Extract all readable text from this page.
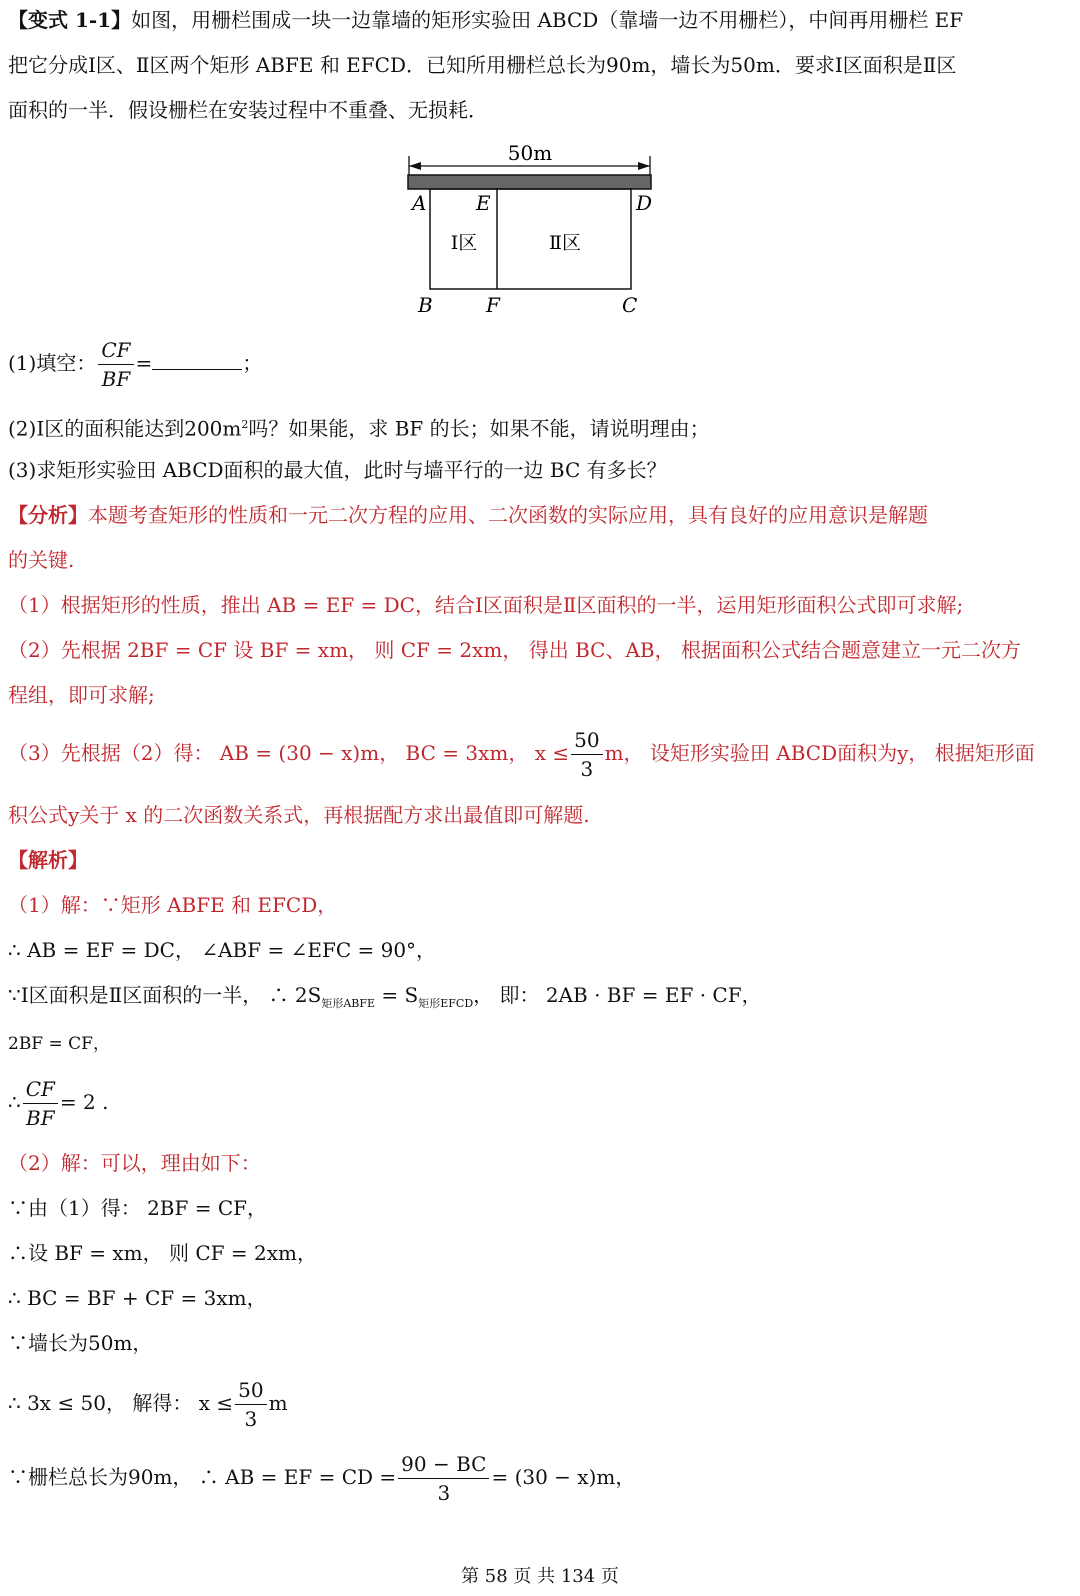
【变式 1-1】如图，用栅栏围成一块一边靠墙的矩形实验田 ABCD（靠墙一边不用栅栏），中间再用栅栏 EF
把它分成Ⅰ区、Ⅱ区两个矩形 ABFE 和 EFCD．已知所用栅栏总长为90m，墙长为50m．要求Ⅰ区面积是Ⅱ区
面积的一半．假设栅栏在安装过程中不重叠、无损耗．
50m
A E	D
B	F	C
Ⅰ区	Ⅱ区
(1)填空： $\frac{CF}{BF}$ =	；
(2)Ⅰ区的面积能达到$200m^2$吗？如果能，求 BF 的长；如果不能，请说明理由；
(3)求矩形实验田 ABCD面积的最大值，此时与墙平行的一边 BC 有多长？
【分析】本题考查矩形的性质和一元二次方程的应用、二次函数的实际应用，具有良好的应用意识是解题
的关键.
（1）根据矩形的性质，推出 AB = EF = DC，结合Ⅰ区面积是Ⅱ区面积的一半，运用矩形面积公式即可求解;
（2）先根据 2BF = CF 设 BF = xm， 则 CF = 2xm， 得出 BC、AB， 根据面积公式结合题意建立一元二次方
程组，即可求解;
（3）先根据（2）得： AB = (30 − x)m， BC = 3xm， $x \le \frac{50}{3}$ m， 设矩形实验田 ABCD面积为y， 根据矩形面
积公式y关于 x 的二次函数关系式，再根据配方求出最值即可解题.
【解析】
（1）解：∵矩形 ABFE 和 EFCD，
∴ AB = EF = DC， ∠ABF = ∠EFC = 90°，
∵Ⅰ区面积是Ⅱ区面积的一半， ∴ $2S_{矩形ABFE} = S_{矩形EFCD}$， 即： 2AB · BF = EF · CF，
2BF = CF，
∴ $\frac{CF}{BF} = 2$ .
（2）解：可以，理由如下：
∵由（1）得： 2BF = CF，
∴设 BF = xm， 则 CF = 2xm，
∴ BC = BF + CF = 3xm，
∵墙长为50m，
∴ 3x ≤ 50， 解得： $x \le \frac{50}{3}$ m
∵栅栏总长为90m， ∴ AB = EF = CD = $\frac{90 - BC}{3} = (30 - x)m$，
第 58 页 共 134 页
